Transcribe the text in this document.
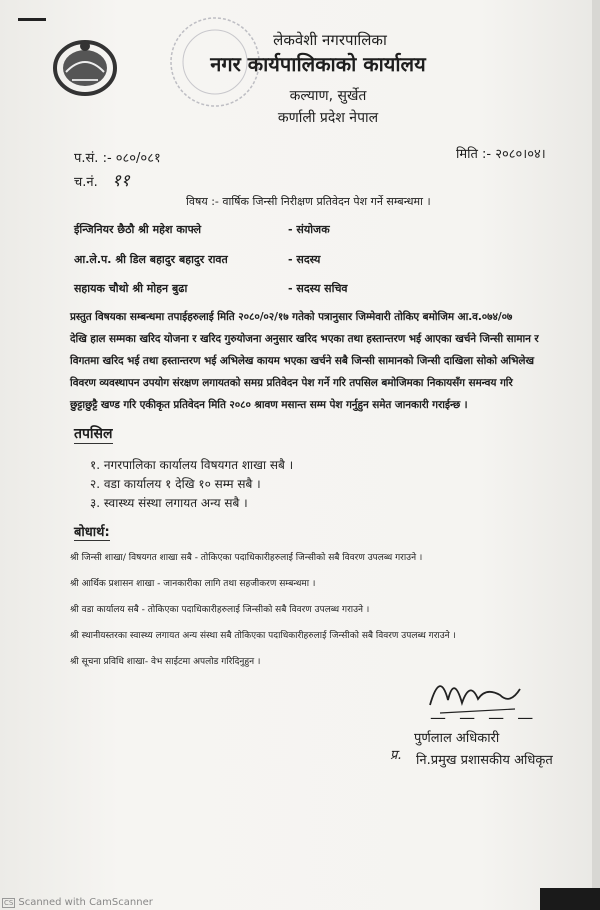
लेकवेशी नगरपालिका
नगर कार्यपालिकाको कार्यालय
कल्याण, सुर्खेत
कर्णाली प्रदेश नेपाल
प.सं. :- ०८०/०८१	मिति :- २०८०।०४।
च.नं. ११
विषय :- वार्षिक जिन्सी निरीक्षण प्रतिवेदन पेश गर्ने सम्बन्धमा ।
ईन्जिनियर छैठौ श्री महेश काफ्ले	- संयोजक
आ.ले.प. श्री डिल बहादुर बहादुर रावत	- सदस्य
सहायक चौथो श्री मोहन बुढा	- सदस्य सचिव
प्रस्तुत विषयका सम्बन्धमा तपाईहरुलाई मिति २०८०/०२/१७ गतेको पत्रानुसार जिम्मेवारी तोकिए बमोजिम आ.व.०७४/०७
देखि हाल सम्मका खरिद योजना र खरिद गुरुयोजना अनुसार खरिद भएका तथा हस्तान्तरण भई आएका खर्चने जिन्सी सामान र
विगतमा खरिद भई तथा हस्तान्तरण भई अभिलेख कायम भएका खर्चने सबै जिन्सी सामानको जिन्सी दाखिला सोको अभिलेख
विवरण व्यवस्थापन उपयोग संरक्षण लगायतको समग्र प्रतिवेदन पेश गर्ने गरि तपसिल बमोजिमका निकायसँग समन्वय गरि
छुट्टाछुट्टै खण्ड गरि एकीकृत प्रतिवेदन मिति २०८० श्रावण मसान्त सम्म पेश गर्नुहुन समेत जानकारी गराईन्छ ।
तपसिल
१. नगरपालिका कार्यालय विषयगत शाखा सबै ।
२. वडा कार्यालय १ देखि १० सम्म सबै ।
३. स्वास्थ्य संस्था लगायत अन्य सबै ।
बोधार्थ:
श्री जिन्सी शाखा/ विषयगत शाखा सबै - तोकिएका पदाधिकारीहरुलाई जिन्सीको सबै विवरण उपलब्ध गराउने ।
श्री आर्थिक प्रशासन शाखा - जानकारीका लागि तथा सहजीकरण सम्बन्धमा ।
श्री वडा कार्यालय सबै - तोकिएका पदाधिकारीहरुलाई जिन्सीको सबै विवरण उपलब्ध गराउने ।
श्री स्थानीयस्तरका स्वास्थ्य लगायत अन्य संस्था सबै तोकिएका पदाधिकारीहरुलाई जिन्सीको सबै विवरण उपलब्ध गराउने ।
श्री सूचना प्रविधि शाखा- वेभ साईटमा अपलोड गरिदिनुहुन ।
— — — —
पुर्णलाल अधिकारी
प्र. नि.प्रमुख प्रशासकीय अधिकृत
CS Scanned with CamScanner
